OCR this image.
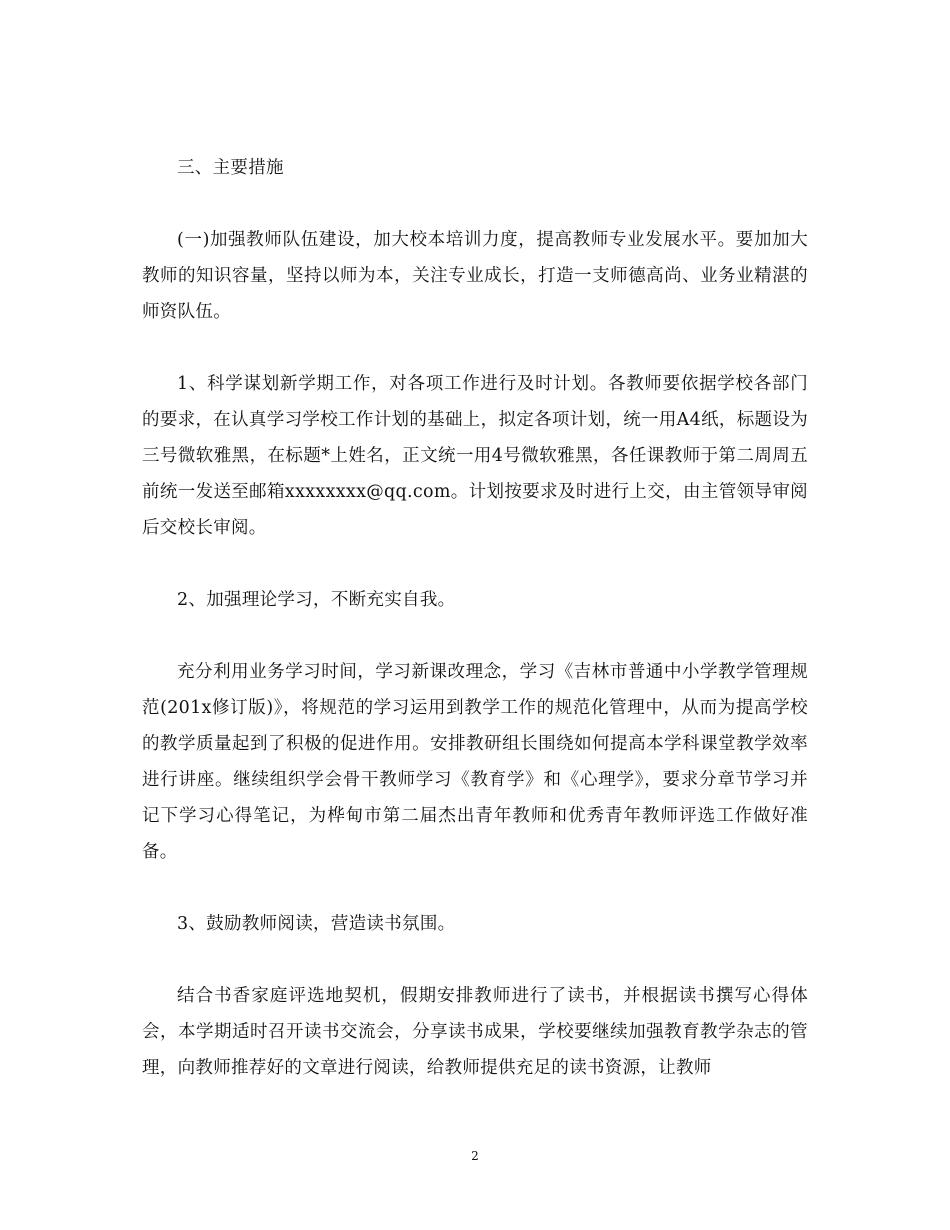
三、主要措施

(一)加强教师队伍建设，加大校本培训力度，提高教师专业发展水平。要加加大教师的知识容量，坚持以师为本，关注专业成长，打造一支师德高尚、业务业精湛的师资队伍。

1、科学谋划新学期工作，对各项工作进行及时计划。各教师要依据学校各部门的要求，在认真学习学校工作计划的基础上，拟定各项计划，统一用A4纸，标题设为三号微软雅黑，在标题*上姓名，正文统一用4号微软雅黑，各任课教师于第二周周五前统一发送至邮箱xxxxxxxx@qq.com。计划按要求及时进行上交，由主管领导审阅后交校长审阅。

2、加强理论学习，不断充实自我。

充分利用业务学习时间，学习新课改理念，学习《吉林市普通中小学教学管理规范(201x修订版)》，将规范的学习运用到教学工作的规范化管理中，从而为提高学校的教学质量起到了积极的促进作用。安排教研组长围绕如何提高本学科课堂教学效率进行讲座。继续组织学会骨干教师学习《教育学》和《心理学》，要求分章节学习并记下学习心得笔记，为桦甸市第二届杰出青年教师和优秀青年教师评选工作做好准备。

3、鼓励教师阅读，营造读书氛围。

结合书香家庭评选地契机，假期安排教师进行了读书，并根据读书撰写心得体会，本学期适时召开读书交流会，分享读书成果，学校要继续加强教育教学杂志的管理，向教师推荐好的文章进行阅读，给教师提供充足的读书资源，让教师

2
